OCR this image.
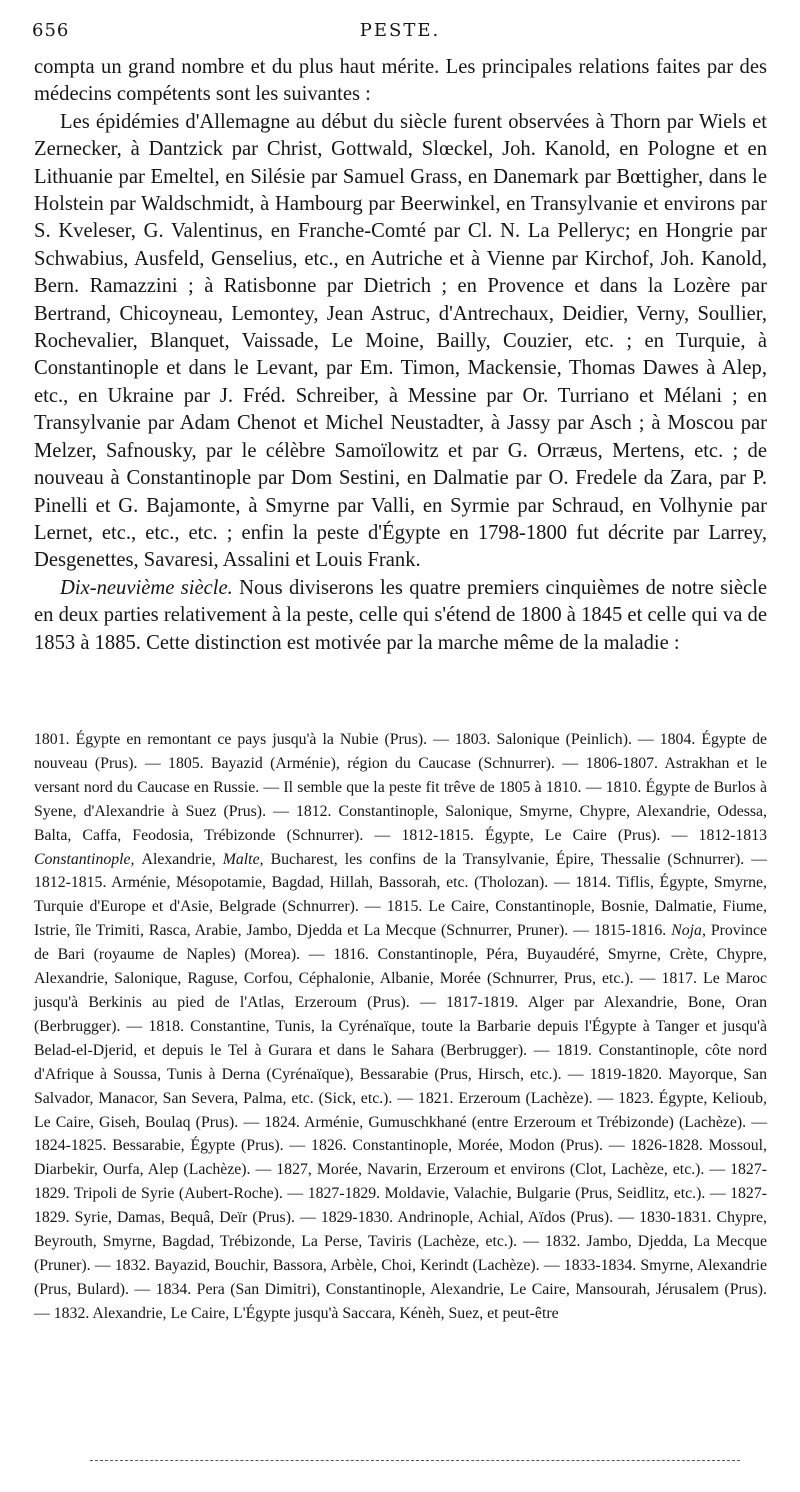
656	PESTE.

compta un grand nombre et du plus haut mérite. Les principales relations faites par des médecins compétents sont les suivantes :

Les épidémies d'Allemagne au début du siècle furent observées à Thorn par Wiels et Zernecker, à Dantzick par Christ, Gottwald, Slœckel, Joh. Kanold, en Pologne et en Lithuanie par Emeltel, en Silésie par Samuel Grass, en Danemark par Bœttigher, dans le Holstein par Waldschmidt, à Hambourg par Beerwinkel, en Transylvanie et environs par S. Kveleser, G. Valentinus, en Franche-Comté par Cl. N. La Pelleryc; en Hongrie par Schwabius, Ausfeld, Genselius, etc., en Autriche et à Vienne par Kirchof, Joh. Kanold, Bern. Ramazzini ; à Ratisbonne par Dietrich ; en Provence et dans la Lozère par Bertrand, Chicoyneau, Lemontey, Jean Astruc, d'Antrechaux, Deidier, Verny, Soullier, Rochevalier, Blanquet, Vaissade, Le Moine, Bailly, Couzier, etc. ; en Turquie, à Constantinople et dans le Levant, par Em. Timon, Mackensie, Thomas Dawes à Alep, etc., en Ukraine par J. Fréd. Schreiber, à Messine par Or. Turriano et Mélani ; en Transylvanie par Adam Chenot et Michel Neustadter, à Jassy par Asch ; à Moscou par Melzer, Safnousky, par le célèbre Samoïlowitz et par G. Orræus, Mertens, etc. ; de nouveau à Constantinople par Dom Sestini, en Dalmatie par O. Fredele da Zara, par P. Pinelli et G. Bajamonte, à Smyrne par Valli, en Syrmie par Schraud, en Volhynie par Lernet, etc., etc., etc. ; enfin la peste d'Égypte en 1798-1800 fut décrite par Larrey, Desgenettes, Savaresi, Assalini et Louis Frank.

Dix-neuvième siècle. Nous diviserons les quatre premiers cinquièmes de notre siècle en deux parties relativement à la peste, celle qui s'étend de 1800 à 1845 et celle qui va de 1853 à 1885. Cette distinction est motivée par la marche même de la maladie :

1801. Égypte en remontant ce pays jusqu'à la Nubie (Prus). — 1803. Salonique (Peinlich). — 1804. Égypte de nouveau (Prus). — 1805. Bayazid (Arménie), région du Caucase (Schnurrer). — 1806-1807. Astrakhan et le versant nord du Caucase en Russie. — Il semble que la peste fit trêve de 1805 à 1810. — 1810. Égypte de Burlos à Syene, d'Alexandrie à Suez (Prus). — 1812. Constantinople, Salonique, Smyrne, Chypre, Alexandrie, Odessa, Balta, Caffa, Feodosia, Trébizonde (Schnurrer). — 1812-1815. Égypte, Le Caire (Prus). — 1812-1813Constantinople, Alexandrie, Malte, Bucharest, les confins de la Transylvanie, Épire, Thessalie (Schnurrer). — 1812-1815. Arménie, Mésopotamie, Bagdad, Hillah, Bassorah, etc. (Tholozan). — 1814. Tiflis, Égypte, Smyrne, Turquie d'Europe et d'Asie, Belgrade (Schnurrer). — 1815. Le Caire, Constantinople, Bosnie, Dalmatie, Fiume, Istrie, île Trimiti, Rasca, Arabie, Jambo, Djedda et La Mecque (Schnurrer, Pruner). — 1815-1816. Noja, Province de Bari (royaume de Naples) (Morea). — 1816. Constantinople, Péra, Buyaudéré, Smyrne, Crète, Chypre, Alexandrie, Salonique, Raguse, Corfou, Céphalonie, Albanie, Morée (Schnurrer, Prus, etc.). — 1817. Le Maroc jusqu'à Berkinis au pied de l'Atlas, Erzeroum (Prus). — 1817-1819. Alger par Alexandrie, Bone, Oran (Berbrugger). — 1818. Constantine, Tunis, la Cyrénaïque, toute la Barbarie depuis l'Égypte à Tanger et jusqu'à Belad-el-Djerid, et depuis le Tel à Gurara et dans le Sahara (Berbrugger). — 1819. Constantinople, côte nord d'Afrique à Soussa, Tunis à Derna (Cyrénaïque), Bessarabie (Prus, Hirsch, etc.). — 1819-1820. Mayorque, San Salvador, Manacor, San Severa, Palma, etc. (Sick, etc.). — 1821. Erzeroum (Lachèze). — 1823. Égypte, Kelioub, Le Caire, Giseh, Boulaq (Prus). — 1824. Arménie, Gumuschkhané (entre Erzeroum et Trébizonde) (Lachèze). — 1824-1825. Bessarabie, Égypte (Prus). — 1826. Constantinople, Morée, Modon (Prus). — 1826-1828. Mossoul, Diarbekir, Ourfa, Alep (Lachèze). — 1827, Morée, Navarin, Erzeroum et environs (Clot, Lachèze, etc.). — 1827-1829. Tripoli de Syrie (Aubert-Roche). — 1827-1829. Moldavie, Valachie, Bulgarie (Prus, Seidlitz, etc.). — 1827-1829. Syrie, Damas, Bequâ, Deïr (Prus). — 1829-1830. Andrinople, Achial, Aïdos (Prus). — 1830-1831. Chypre, Beyrouth, Smyrne, Bagdad, Trébizonde, La Perse, Taviris (Lachèze, etc.). — 1832. Jambo, Djedda, La Mecque (Pruner). — 1832. Bayazid, Bouchir, Bassora, Arbèle, Choi, Kerindt (Lachèze). — 1833-1834. Smyrne, Alexandrie (Prus, Bulard). — 1834. Pera (San Dimitri), Constantinople, Alexandrie, Le Caire, Mansourah, Jérusalem (Prus). — 1832. Alexandrie, Le Caire, L'Égypte jusqu'à Saccara, Kénèh, Suez, et peut-être
